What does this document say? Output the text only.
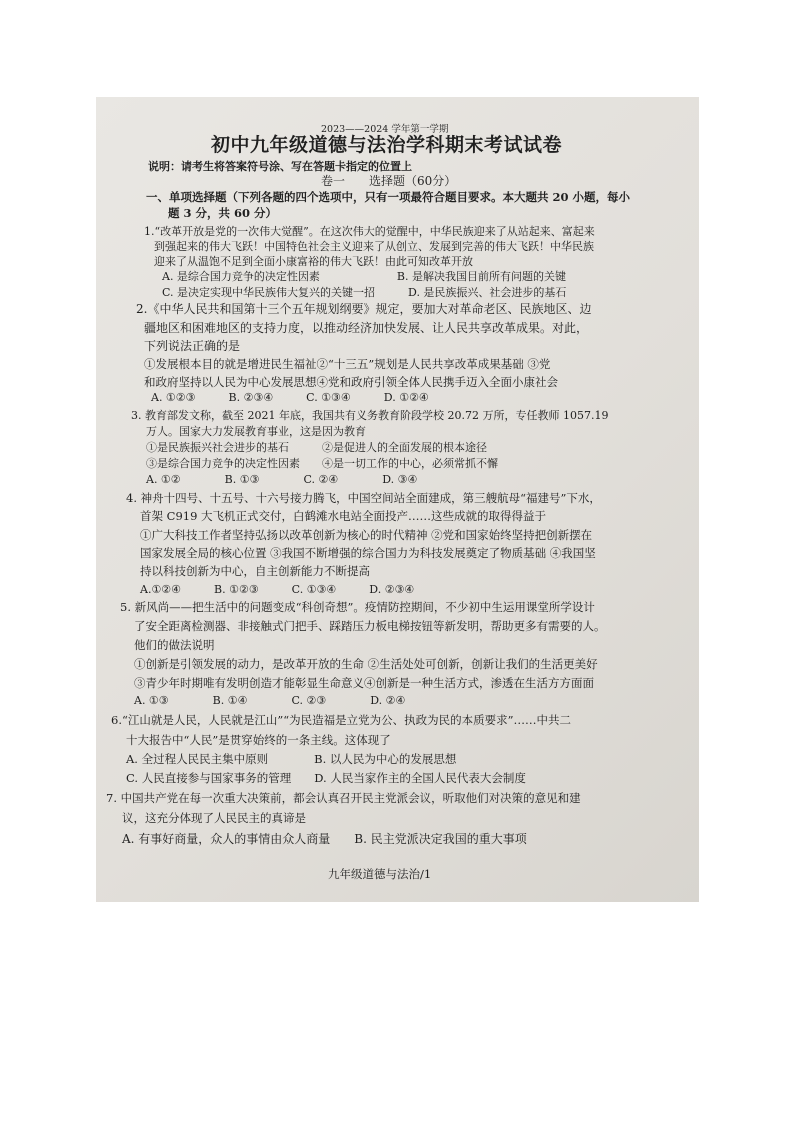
2023——2024 学年第一学期
初中九年级道德与法治学科期末考试试卷
说明：请考生将答案符号涂、写在答题卡指定的位置上
卷一　　选择题（60分）
一、单项选择题（下列各题的四个选项中，只有一项最符合题目要求。本大题共 20 小题，每小
题 3 分，共 60 分）
1.“改革开放是党的一次伟大觉醒”。在这次伟大的觉醒中，中华民族迎来了从站起来、富起来
到强起来的伟大飞跃！中国特色社会主义迎来了从创立、发展到完善的伟大飞跃！中华民族
迎来了从温饱不足到全面小康富裕的伟大飞跃！由此可知改革开放
A. 是综合国力竞争的决定性因素　　　　　　　B. 是解决我国目前所有问题的关键
C. 是决定实现中华民族伟大复兴的关键一招　　　D. 是民族振兴、社会进步的基石
2.《中华人民共和国第十三个五年规划纲要》规定，要加大对革命老区、民族地区、边
疆地区和困难地区的支持力度，以推动经济加快发展、让人民共享改革成果。对此，
下列说法正确的是
①发展根本目的就是增进民生福祉②“十三五”规划是人民共享改革成果基础 ③党
和政府坚持以人民为中心发展思想④党和政府引领全体人民携手迈入全面小康社会
A. ①②③　　　B. ②③④　　　C. ①③④　　　D. ①②④
3. 教育部发文称，截至 2021 年底，我国共有义务教育阶段学校 20.72 万所，专任教师 1057.19
万人。国家大力发展教育事业，这是因为教育
①是民族振兴社会进步的基石　　　②是促进人的全面发展的根本途径
③是综合国力竞争的决定性因素　　④是一切工作的中心，必须常抓不懈
A. ①②　　　　B. ①③　　　　C. ②④　　　　D. ③④
4. 神舟十四号、十五号、十六号接力腾飞，中国空间站全面建成，第三艘航母“福建号”下水，
首架 C919 大飞机正式交付，白鹤滩水电站全面投产……这些成就的取得得益于
①广大科技工作者坚持弘扬以改革创新为核心的时代精神 ②党和国家始终坚持把创新摆在
国家发展全局的核心位置 ③我国不断增强的综合国力为科技发展奠定了物质基础 ④我国坚
持以科技创新为中心，自主创新能力不断提高
A.①②④　　　B. ①②③　　　C. ①③④　　　D. ②③④
5. 新风尚——把生活中的问题变成“科创奇想”。疫情防控期间，不少初中生运用课堂所学设计
了安全距离检测器、非接触式门把手、踩踏压力板电梯按钮等新发明，帮助更多有需要的人。
他们的做法说明
①创新是引领发展的动力，是改革开放的生命 ②生活处处可创新，创新让我们的生活更美好
③青少年时期唯有发明创造才能彰显生命意义④创新是一种生活方式，渗透在生活方方面面
A. ①③　　　　B. ①④　　　　C. ②③　　　　D. ②④
6.“江山就是人民，人民就是江山”“为民造福是立党为公、执政为民的本质要求”……中共二
十大报告中“人民”是贯穿始终的一条主线。这体现了
A. 全过程人民民主集中原则　　　　B. 以人民为中心的发展思想
C. 人民直接参与国家事务的管理　　D. 人民当家作主的全国人民代表大会制度
7. 中国共产党在每一次重大决策前，都会认真召开民主党派会议，听取他们对决策的意见和建
议，这充分体现了人民民主的真谛是
A. 有事好商量，众人的事情由众人商量　　B. 民主党派决定我国的重大事项
九年级道德与法治/1
